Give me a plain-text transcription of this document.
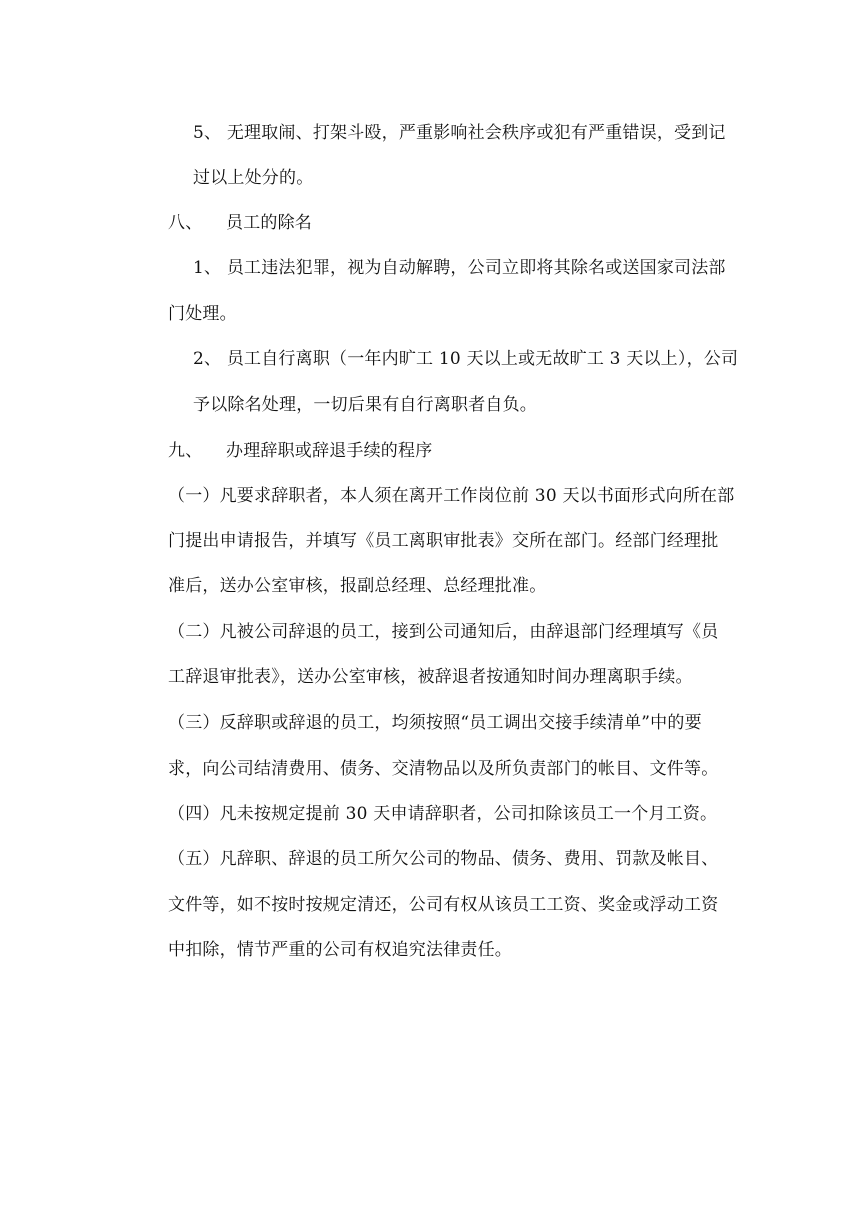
5、 无理取闹、打架斗殴，严重影响社会秩序或犯有严重错误，受到记
过以上处分的。
八、 员工的除名
1、 员工违法犯罪，视为自动解聘，公司立即将其除名或送国家司法部
门处理。
2、 员工自行离职（一年内旷工 10 天以上或无故旷工 3 天以上），公司
予以除名处理，一切后果有自行离职者自负。
九、 办理辞职或辞退手续的程序
（一）凡要求辞职者，本人须在离开工作岗位前 30 天以书面形式向所在部
门提出申请报告，并填写《员工离职审批表》交所在部门。经部门经理批
准后，送办公室审核，报副总经理、总经理批准。
（二）凡被公司辞退的员工，接到公司通知后，由辞退部门经理填写《员
工辞退审批表》，送办公室审核，被辞退者按通知时间办理离职手续。
（三）反辞职或辞退的员工，均须按照“员工调出交接手续清单”中的要
求，向公司结清费用、债务、交清物品以及所负责部门的帐目、文件等。
（四）凡未按规定提前 30 天申请辞职者，公司扣除该员工一个月工资。
（五）凡辞职、辞退的员工所欠公司的物品、债务、费用、罚款及帐目、
文件等，如不按时按规定清还，公司有权从该员工工资、奖金或浮动工资
中扣除，情节严重的公司有权追究法律责任。
